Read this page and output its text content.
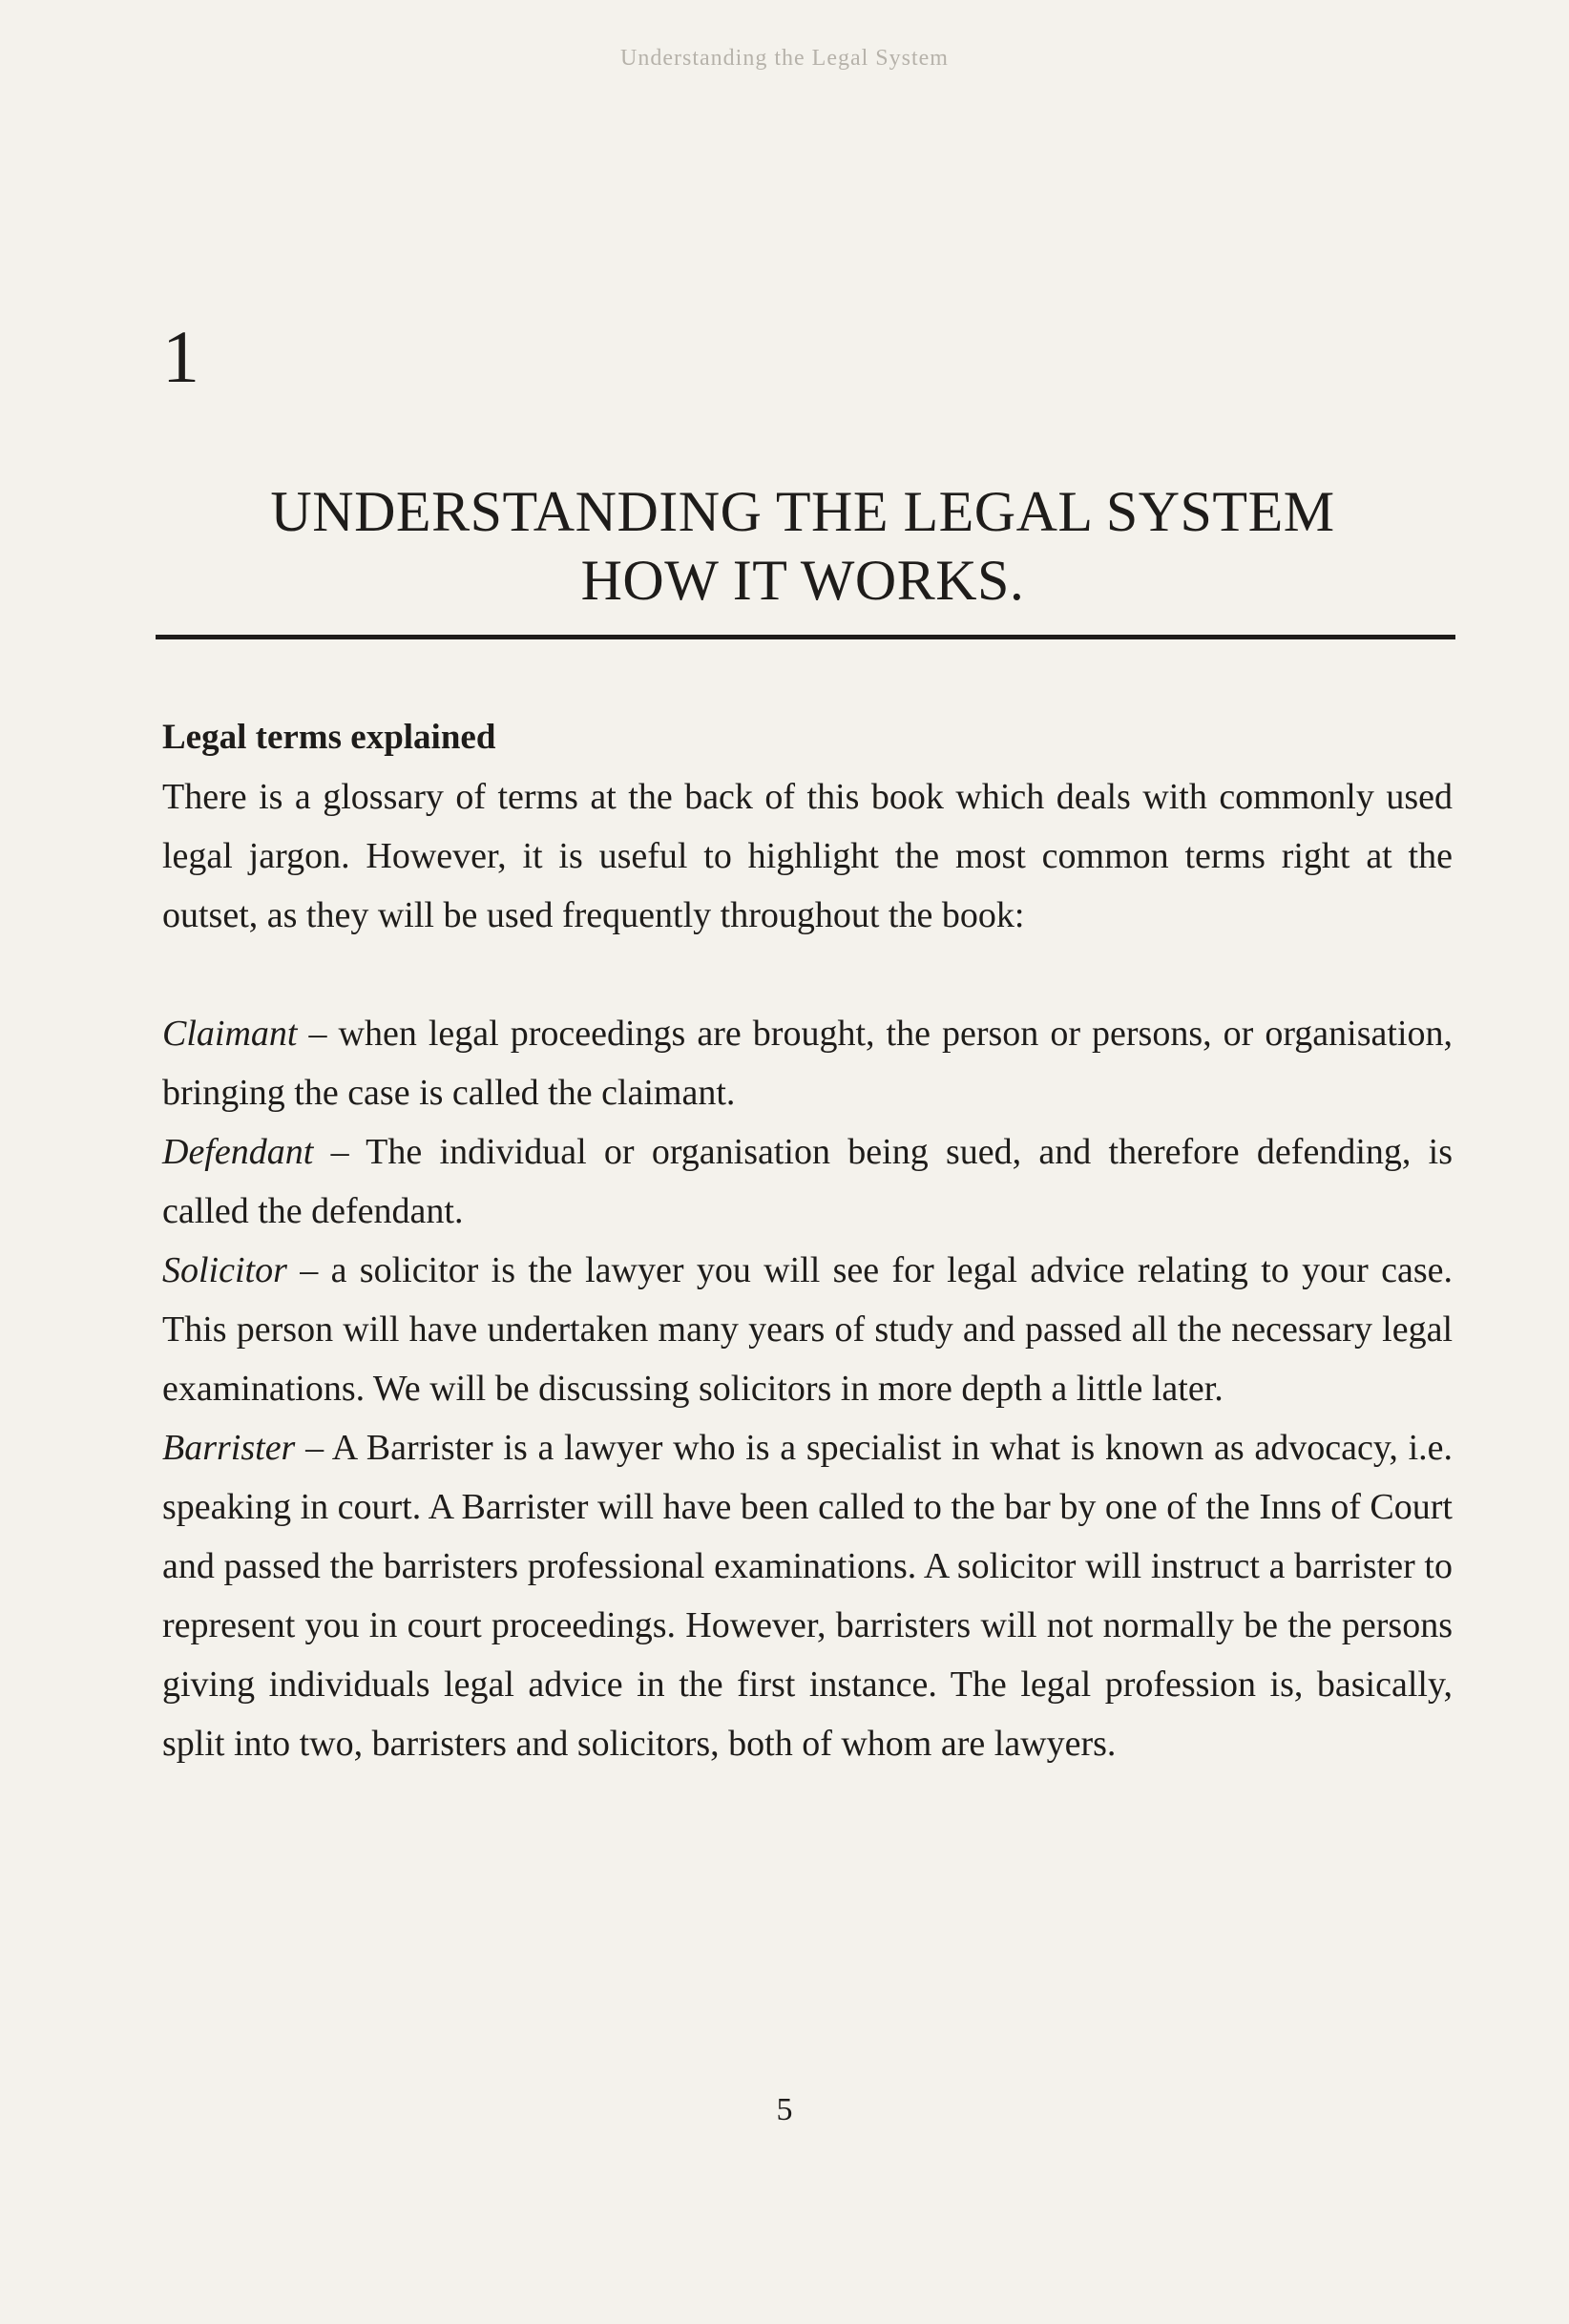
Understanding the Legal System
1
UNDERSTANDING THE LEGAL SYSTEM
HOW IT WORKS.
Legal terms explained

There is a glossary of terms at the back of this book which deals with commonly used legal jargon. However, it is useful to highlight the most common terms right at the outset, as they will be used frequently throughout the book:

Claimant – when legal proceedings are brought, the person or persons, or organisation, bringing the case is called the claimant.

Defendant – The individual or organisation being sued, and therefore defending, is called the defendant.

Solicitor – a solicitor is the lawyer you will see for legal advice relating to your case. This person will have undertaken many years of study and passed all the necessary legal examinations. We will be discussing solicitors in more depth a little later.

Barrister – A Barrister is a lawyer who is a specialist in what is known as advocacy, i.e. speaking in court. A Barrister will have been called to the bar by one of the Inns of Court and passed the barristers professional examinations. A solicitor will instruct a barrister to represent you in court proceedings. However, barristers will not normally be the persons giving individuals legal advice in the first instance. The legal profession is, basically, split into two, barristers and solicitors, both of whom are lawyers.

5
